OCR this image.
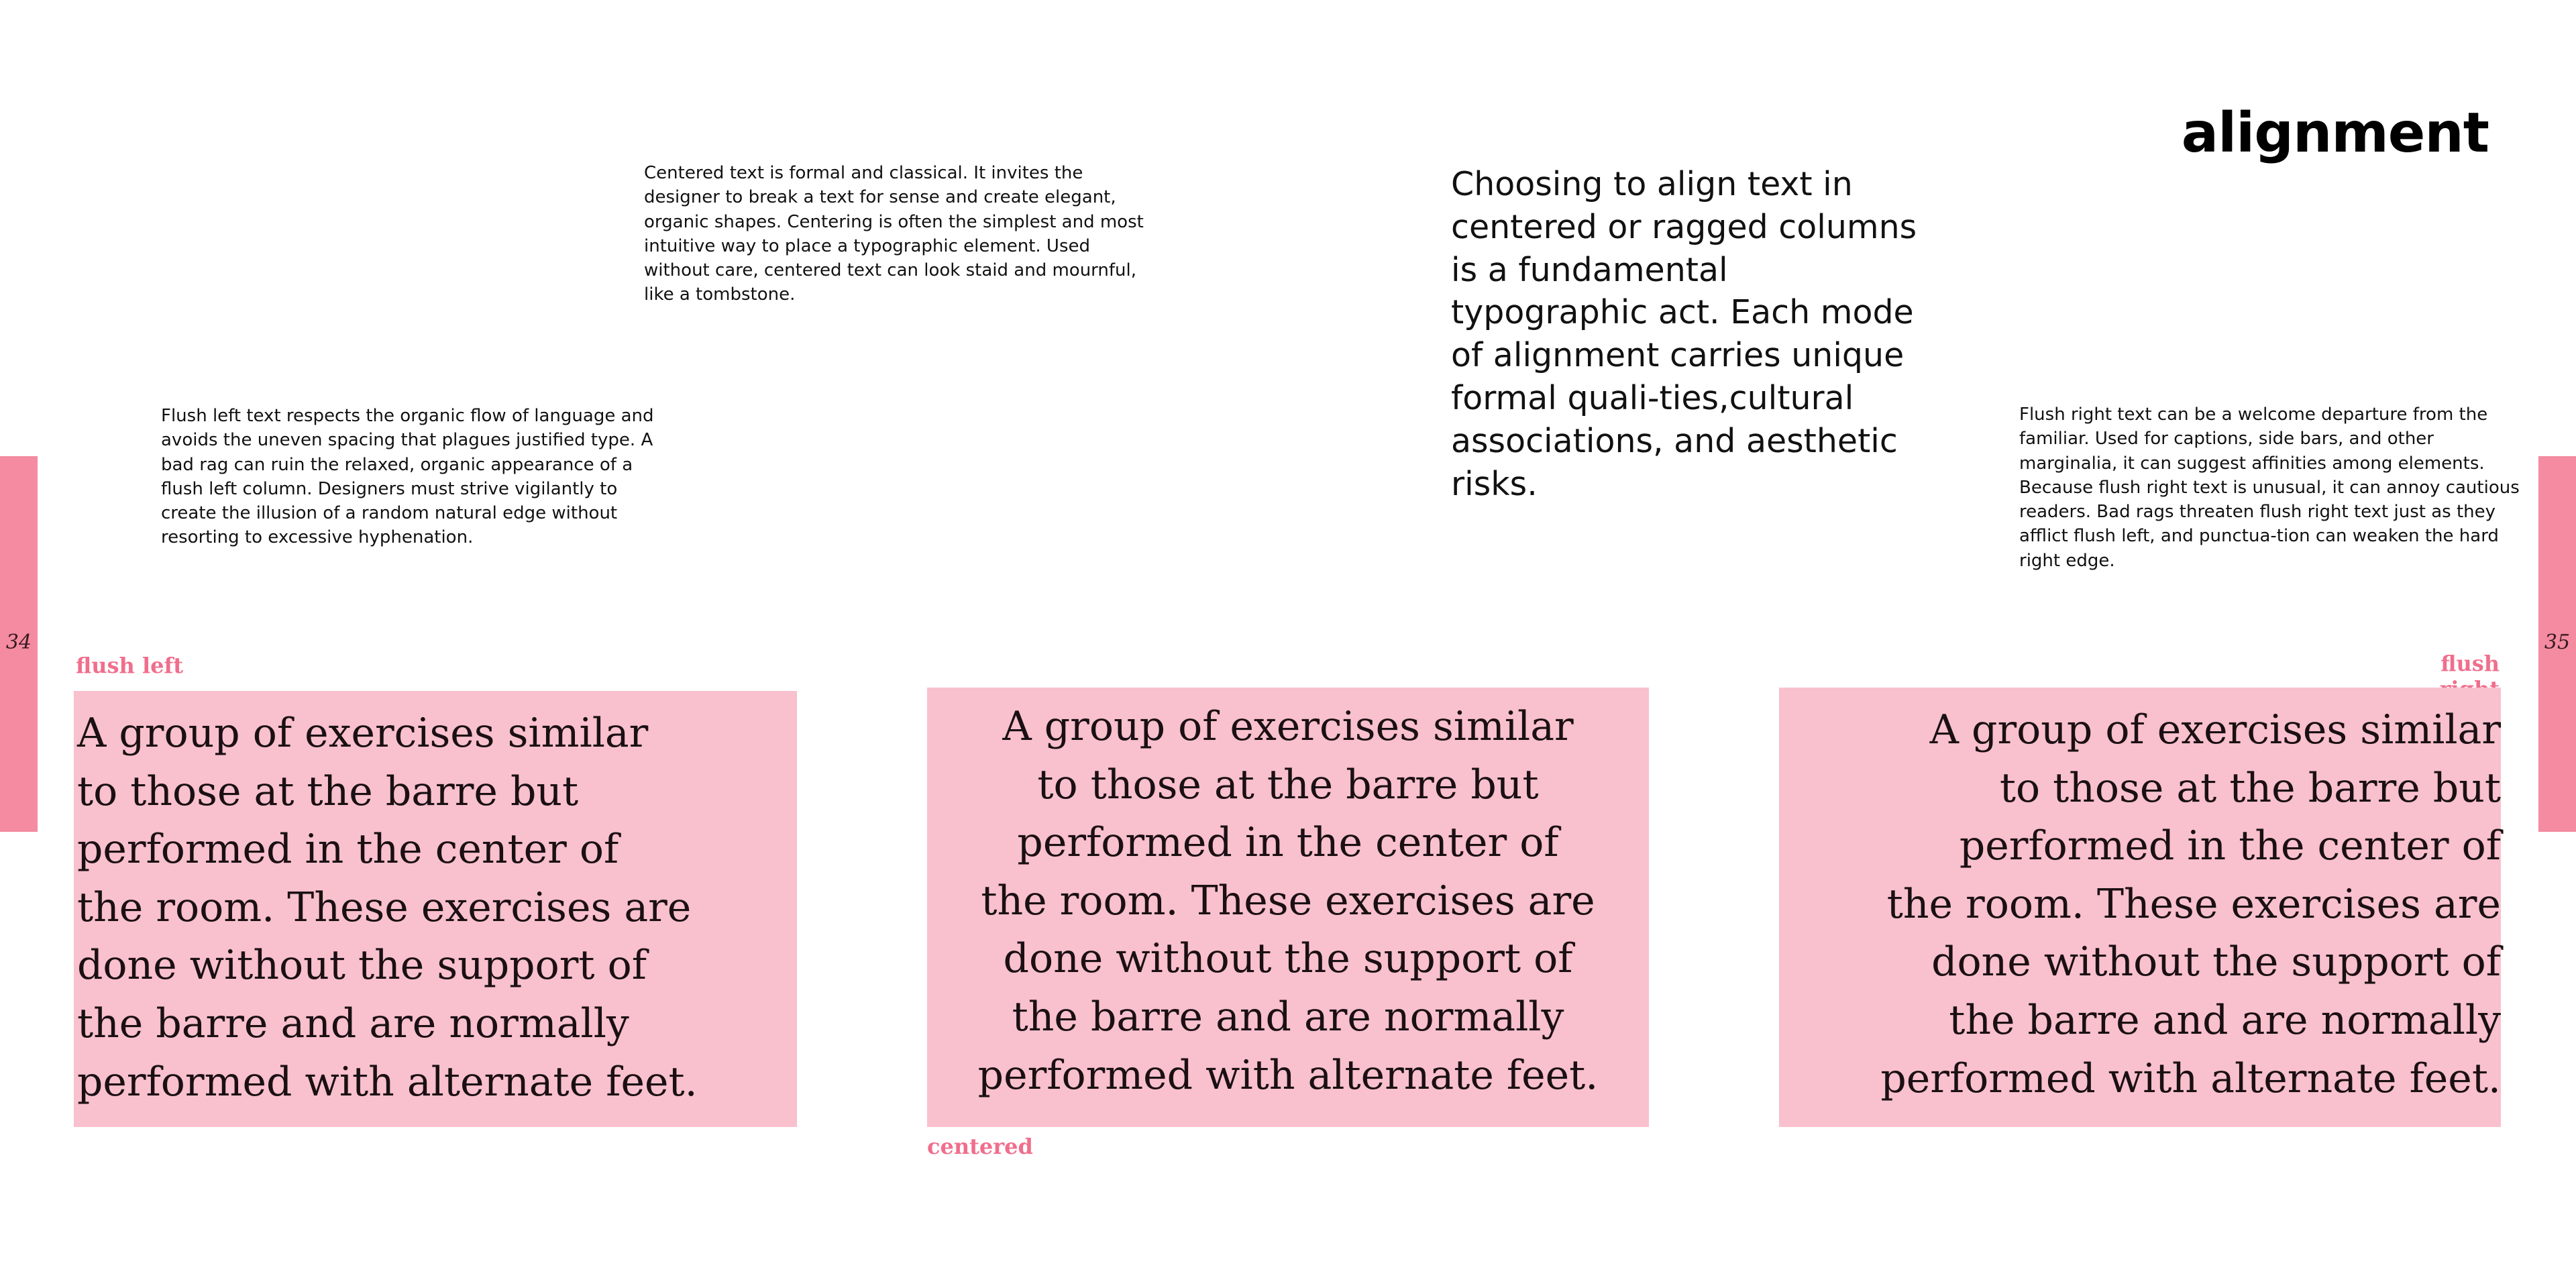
34	35
alignment
Centered text is formal and classical. It invites the designer to break a text for sense and create elegant, organic shapes. Centering is often the simplest and most intuitive way to place a typographic element. Used without care, centered text can look staid and mournful, like a tombstone.
Flush left text respects the organic flow of language and avoids the uneven spacing that plagues justified type. A bad rag can ruin the relaxed, organic appearance of a flush left column. Designers must strive vigilantly to create the illusion of a random natural edge without resorting to excessive hyphenation.
Flush right text can be a welcome departure from the familiar. Used for captions, side bars, and other marginalia, it can suggest affinities among elements. Because flush right text is unusual, it can annoy cautious readers. Bad rags threaten flush right text just as they afflict flush left, and punctua-tion can weaken the hard right edge.
Choosing to align text in centered or ragged columns is a fundamental typographic act. Each mode of alignment carries unique formal quali-ties,cultural associations, and aesthetic risks.
flush left	flush
centered
A group of exercises similar
to those at the barre but
performed in the center of
the room. These exercises are
done without the support of
the barre and are normally
performed with alternate feet.
A group of exercises similar
to those at the barre but
performed in the center of
the room. These exercises are
done without the support of
the barre and are normally
performed with alternate feet.
A group of exercises similar
to those at the barre but
performed in the center of
the room. These exercises are
done without the support of
the barre and are normally
performed with alternate feet.
